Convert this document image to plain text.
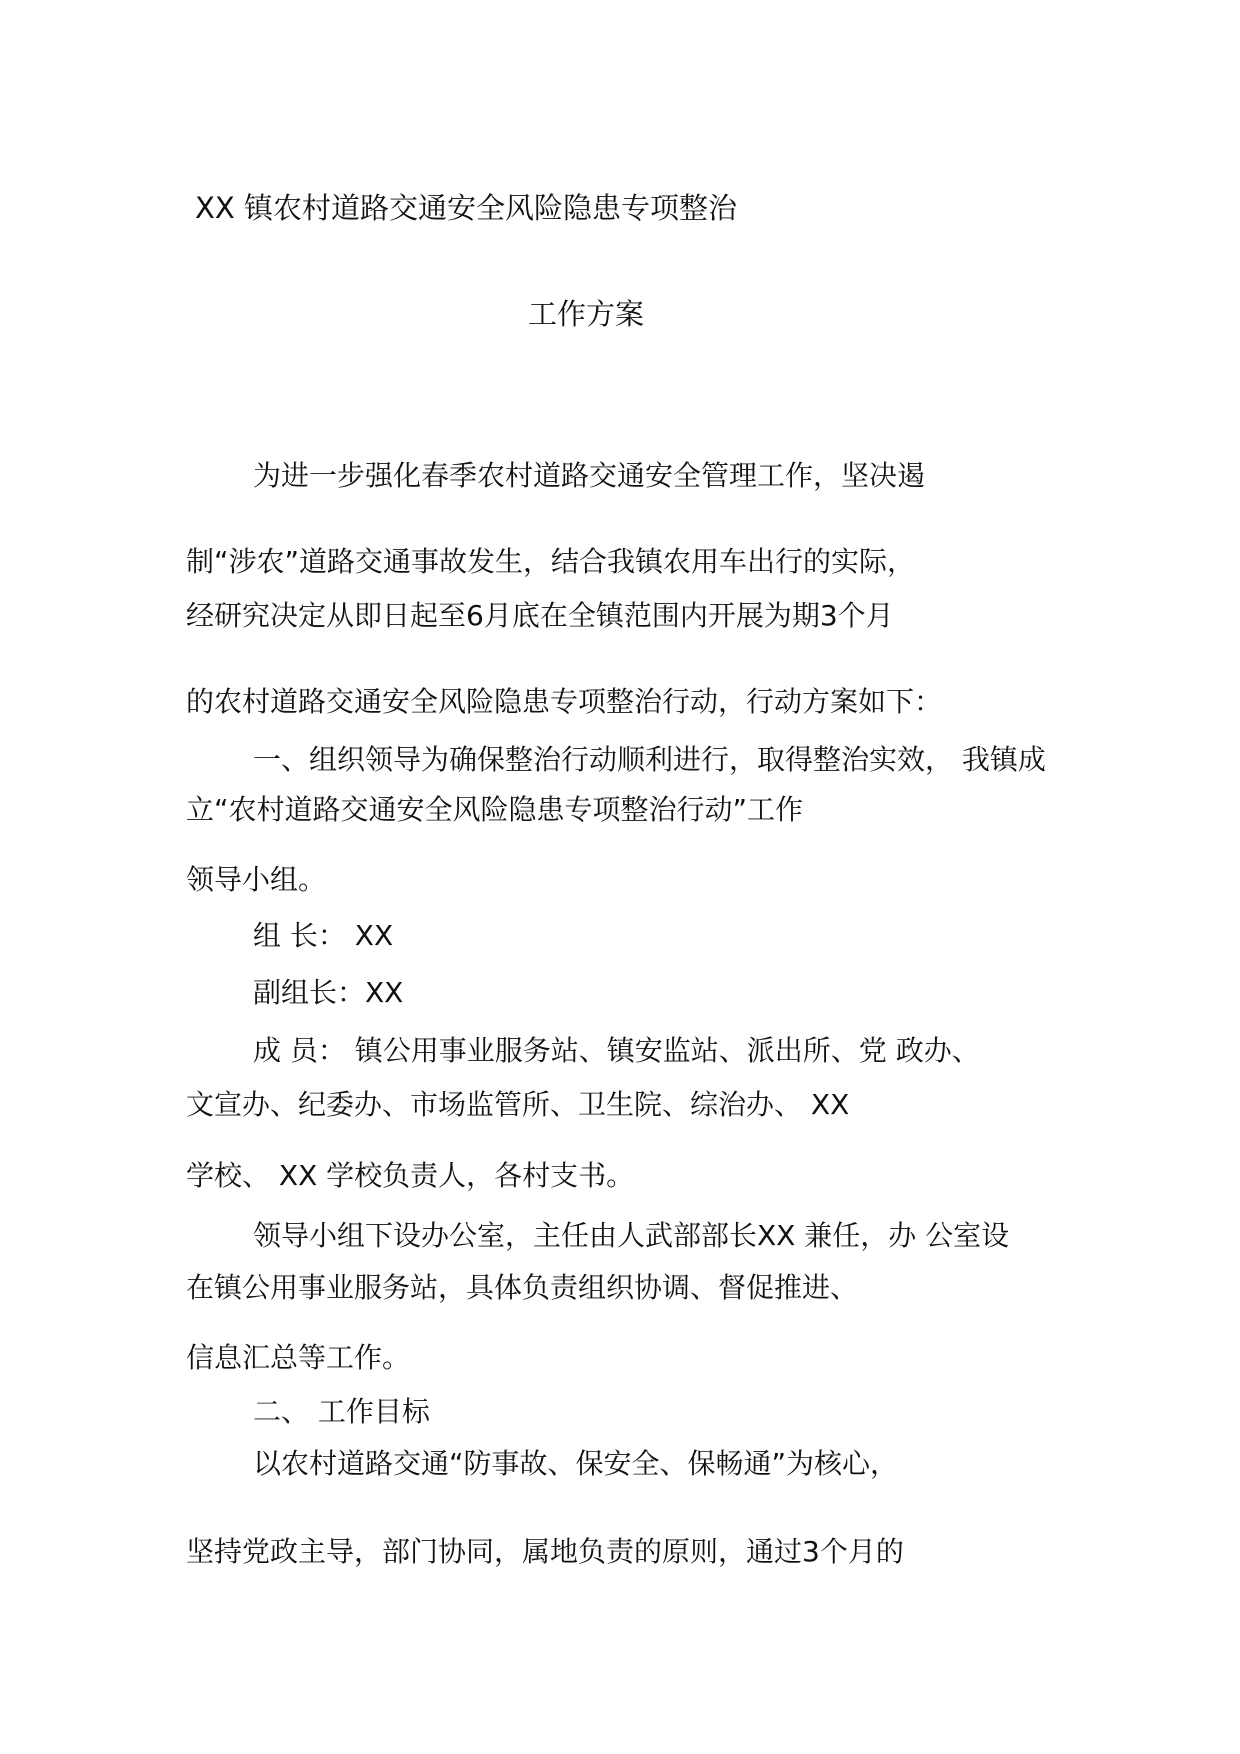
XX 镇农村道路交通安全风险隐患专项整治
工作方案
为进一步强化春季农村道路交通安全管理工作，坚决遏
制“涉农”道路交通事故发生，结合我镇农用车出行的实际，
经研究决定从即日起至6月底在全镇范围内开展为期3个月
的农村道路交通安全风险隐患专项整治行动，行动方案如下：
一、组织领导为确保整治行动顺利进行，取得整治实效， 我镇成
立“农村道路交通安全风险隐患专项整治行动”工作
领导小组。
组 长： XX
副组长：XX
成 员： 镇公用事业服务站、镇安监站、派出所、党 政办、
文宣办、纪委办、市场监管所、卫生院、综治办、 XX
学校、 XX 学校负责人，各村支书。
领导小组下设办公室，主任由人武部部长XX 兼任，办 公室设
在镇公用事业服务站，具体负责组织协调、督促推进、
信息汇总等工作。
二、 工作目标
以农村道路交通“防事故、保安全、保畅通”为核心，
坚持党政主导，部门协同，属地负责的原则，通过3个月的
